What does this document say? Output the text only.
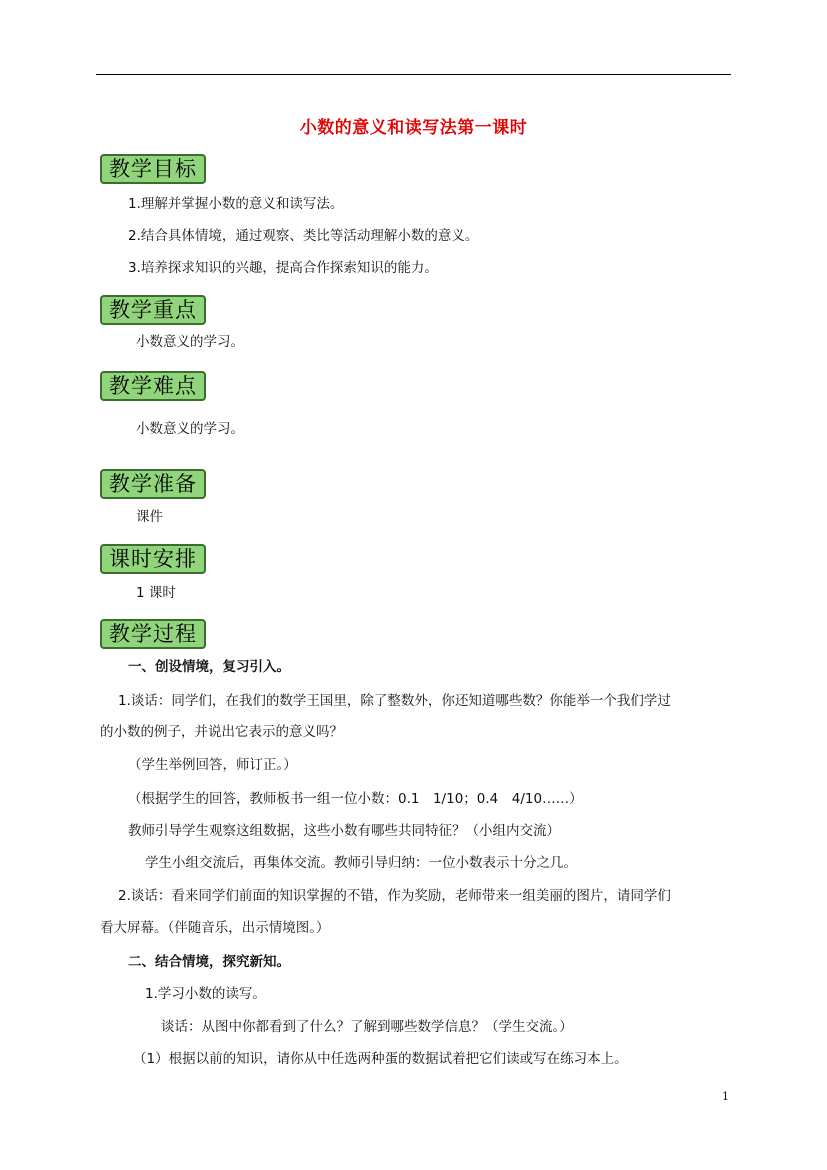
小数的意义和读写法第一课时
教学目标
1.理解并掌握小数的意义和读写法。
2.结合具体情境，通过观察、类比等活动理解小数的意义。
3.培养探求知识的兴趣，提高合作探索知识的能力。
教学重点
小数意义的学习。
教学难点
小数意义的学习。
教学准备
课件
课时安排
1 课时
教学过程
一、创设情境，复习引入。
1.谈话：同学们，在我们的数学王国里，除了整数外，你还知道哪些数？你能举一个我们学过
的小数的例子，并说出它表示的意义吗？
（学生举例回答，师订正。）
（根据学生的回答，教师板书一组一位小数：0.1　1/10；0.4　4/10……）
教师引导学生观察这组数据，这些小数有哪些共同特征？（小组内交流）
学生小组交流后，再集体交流。教师引导归纳：一位小数表示十分之几。
2.谈话：看来同学们前面的知识掌握的不错，作为奖励，老师带来一组美丽的图片，请同学们
看大屏幕。（伴随音乐，出示情境图。）
二、结合情境，探究新知。
1.学习小数的读写。
谈话：从图中你都看到了什么？了解到哪些数学信息？（学生交流。）
（1）根据以前的知识，请你从中任选两种蛋的数据试着把它们读或写在练习本上。
1
